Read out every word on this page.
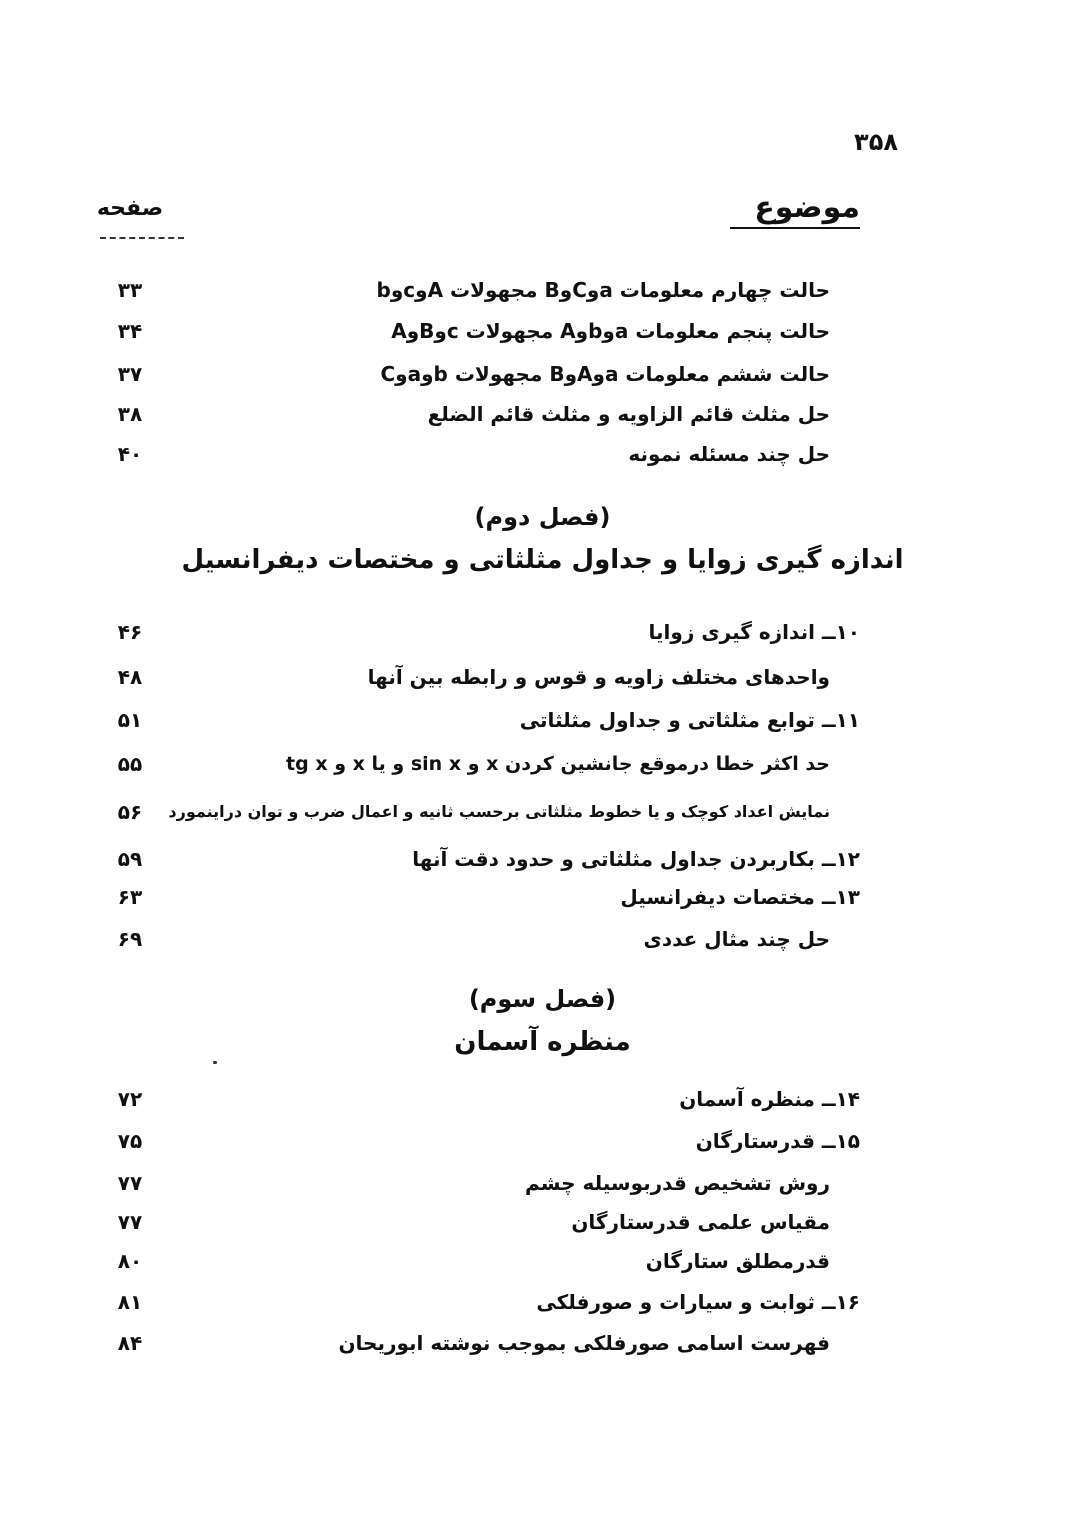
۳۵۸
موضوع
صفحه
حالت چهارم معلومات aوCوB مجهولات Aوcوb
۳۳
حالت پنجم معلومات aوbوA مجهولات cوBوA
۳۴
حالت ششم معلومات aوAوB مجهولات bوaوC
۳۷
حل مثلث قائم الزاویه و مثلث قائم الضلع
۳۸
حل چند مسئله نمونه
۴۰
(فصل دوم)
اندازه گیری زوایا و جداول مثلثاتی و مختصات دیفرانسیل
۱۰ــ اندازه گیری زوایا
۴۶
واحدهای مختلف زاویه و قوس و رابطه بین آنها
۴۸
۱۱ــ توابع مثلثاتی و جداول مثلثاتی
۵۱
حد اکثر خطا درموقع جانشین کردن x و sin x و یا x و tg x
۵۵
نمایش اعداد کوچک و یا خطوط مثلثاتی برحسب ثانیه و اعمال ضرب و توان دراینمورد
۵۶
۱۲ــ بکاربردن جداول مثلثاتی و حدود دقت آنها
۵۹
۱۳ــ مختصات دیفرانسیل
۶۳
حل چند مثال عددی
۶۹
(فصل سوم)
منظره آسمان
۱۴ــ منظره آسمان
۷۲
۱۵ــ قدرستارگان
۷۵
روش تشخیص قدربوسیله چشم
۷۷
مقیاس علمی قدرستارگان
۷۷
قدرمطلق ستارگان
۸۰
۱۶ــ ثوابت و سیارات و صورفلکی
۸۱
فهرست اسامی صورفلکی بموجب نوشته ابوریحان
۸۴
